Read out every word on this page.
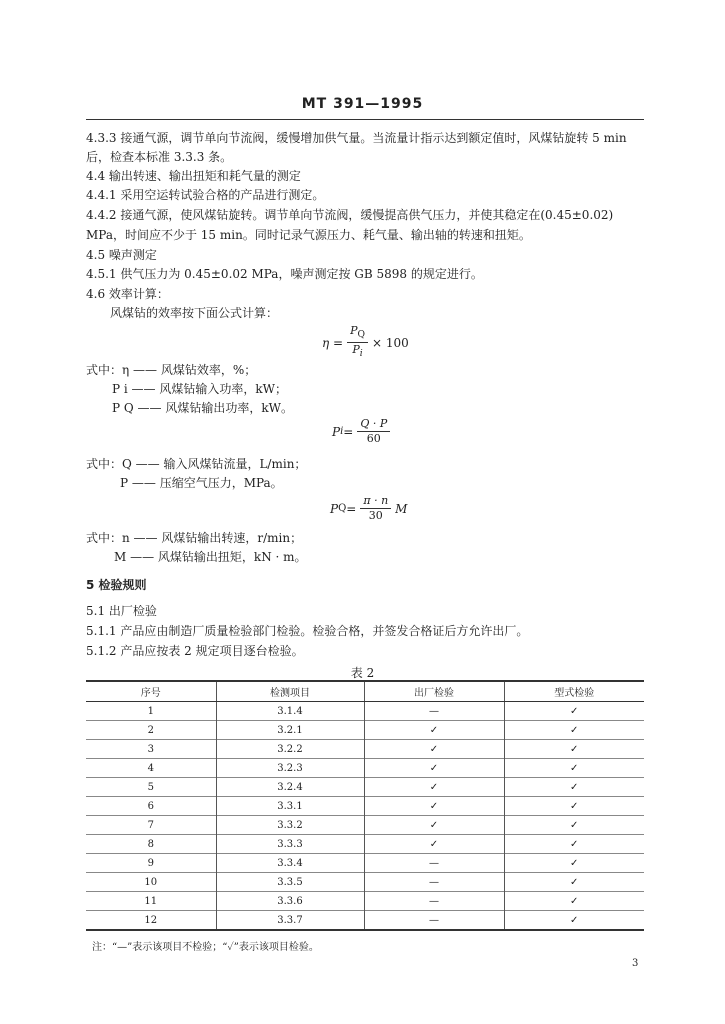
MT 391—1995
4.3.3 接通气源，调节单向节流阀，缓慢增加供气量。当流量计指示达到额定值时，风煤钻旋转 5 min
后，检查本标准 3.3.3 条。
4.4 输出转速、输出扭矩和耗气量的测定
4.4.1 采用空运转试验合格的产品进行测定。
4.4.2 接通气源，使风煤钻旋转。调节单向节流阀，缓慢提高供气压力，并使其稳定在(0.45±0.02)
MPa，时间应不少于 15 min。同时记录气源压力、耗气量、输出轴的转速和扭矩。
4.5 噪声测定
4.5.1 供气压力为 0.45±0.02 MPa，噪声测定按 GB 5898 的规定进行。
4.6 效率计算：
风煤钻的效率按下面公式计算：
$\eta = \frac{P_Q}{P_i} \times 100$
式中：η —— 风煤钻效率，%；
P i —— 风煤钻输入功率，kW；
P Q —— 风煤钻输出功率，kW。
P $i = \frac{Q \cdot P}{60}$
式中：Q —— 输入风煤钻流量，L/min；
P —— 压缩空气压力，MPa。
P $Q = \frac{\pi \cdot n}{30}$ M
式中：n —— 风煤钻输出转速，r/min；
M —— 风煤钻输出扭矩，kN · m。
5 检验规则
5.1 出厂检验
5.1.1 产品应由制造厂质量检验部门检验。检验合格，并签发合格证后方允许出厂。
5.1.2 产品应按表 2 规定项目逐台检验。
表 2
序号	检测项目	出厂检验	型式检验
1	3.1.4	—	✓
2	3.2.1	✓	✓
3	3.2.2	✓	✓
4	3.2.3	✓	✓
5	3.2.4	✓	✓
6	3.3.1	✓	✓
7	3.3.2	✓	✓
8	3.3.3	✓	✓
9	3.3.4	—	✓
10	3.3.5	—	✓
11	3.3.6	—	✓
12	3.3.7	—	✓
注：“—”表示该项目不检验；“✓”表示该项目检验。
3
